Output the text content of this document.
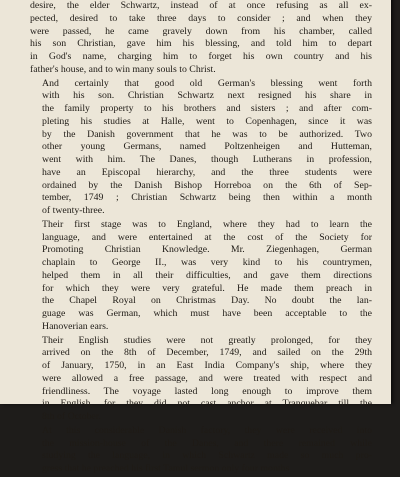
desire, the elder Schwartz, instead of at once refusing as all ex-
pected, desired to take three days to consider ; and when they
were passed, he came gravely down from his chamber, called
his son Christian, gave him his blessing, and told him to depart
in God's name, charging him to forget his own country and his
father's house, and to win many souls to Christ.
And certainly that good old German's blessing went forth
with his son. Christian Schwartz next resigned his share in
the family property to his brothers and sisters ; and after com-
pleting his studies at Halle, went to Copenhagen, since it was
by the Danish government that he was to be authorized. Two
other young Germans, named Poltzenheigen and Hutteman,
went with him. The Danes, though Lutherans in profession,
have an Episcopal hierarchy, and the three students were
ordained by the Danish Bishop Horreboa on the 6th of Sep-
tember, 1749 ; Christian Schwartz being then within a month
of twenty-three.
Their first stage was to England, where they had to learn the
language, and were entertained at the cost of the Society for
Promoting Christian Knowledge. Mr. Ziegenhagen, German
chaplain to George II., was very kind to his countrymen,
helped them in all their difficulties, and gave them directions
for which they were very grateful. He made them preach in
the Chapel Royal on Christmas Day. No doubt the lan-
guage was German, which must have been acceptable to the
Hanoverian ears.
Their English studies were not greatly prolonged, for they
arrived on the 8th of December, 1749, and sailed on the 29th
of January, 1750, in an East India Company's ship, where they
were allowed a free passage, and were treated with respect and
friendliness. The voyage lasted long enough to improve them
in English, for they did not cast anchor at Tranquebar till the
8th of October.
At this considerable Danish factory, they were received into
the mission-house of the Danes, and there remained while
studying the language, in which Schwartz made so much pro-
gress that he preached his first Tamul sermon only four months
